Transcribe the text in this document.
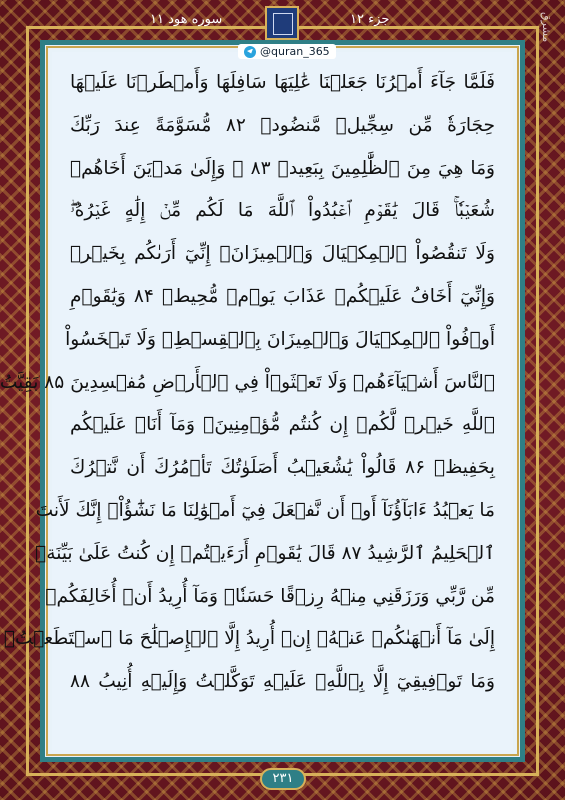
سوره هود ۱۱	جزء ۱۲
@quran_365
مشرق
فَلَمَّا جَآءَ أَمۡرُنَا جَعَلۡنَا عَٰلِيَهَا سَافِلَهَا وَأَمۡطَرۡنَا عَلَيۡهَا
حِجَارَةٗ مِّن سِجِّيلٖ مَّنضُودٖ ۸۲ مُّسَوَّمَةً عِندَ رَبِّكَ
وَمَا هِيَ مِنَ ٱلظَّٰلِمِينَ بِبَعِيدٖ ۸۳ ۞ وَإِلَىٰ مَدۡيَنَ أَخَاهُمۡ
شُعَيۡبٗاۚ قَالَ يَٰقَوۡمِ ٱعۡبُدُواْ ٱللَّهَ مَا لَكُم مِّنۡ إِلَٰهٍ غَيۡرُهُۥۖ
وَلَا تَنقُصُواْ ٱلۡمِكۡيَالَ وَٱلۡمِيزَانَۖ إِنِّيٓ أَرَىٰكُم بِخَيۡرٖ
وَإِنِّيٓ أَخَافُ عَلَيۡكُمۡ عَذَابَ يَوۡمٖ مُّحِيطٖ ۸۴ وَيَٰقَوۡمِ
أَوۡفُواْ ٱلۡمِكۡيَالَ وَٱلۡمِيزَانَ بِٱلۡقِسۡطِۖ وَلَا تَبۡخَسُواْ
ٱلنَّاسَ أَشۡيَآءَهُمۡ وَلَا تَعۡثَوۡاْ فِي ٱلۡأَرۡضِ مُفۡسِدِينَ ۸۵ بَقِيَّتُ
ٱللَّهِ خَيۡرٞ لَّكُمۡ إِن كُنتُم مُّؤۡمِنِينَۚ وَمَآ أَنَا۠ عَلَيۡكُم
بِحَفِيظٖ ۸۶ قَالُواْ يَٰشُعَيۡبُ أَصَلَوٰتُكَ تَأۡمُرُكَ أَن نَّتۡرُكَ
مَا يَعۡبُدُ ءَابَآؤُنَآ أَوۡ أَن نَّفۡعَلَ فِيٓ أَمۡوَٰلِنَا مَا نَشَٰٓؤُاْۖ إِنَّكَ لَأَنتَ
ٱلۡحَلِيمُ ٱلرَّشِيدُ ۸۷ قَالَ يَٰقَوۡمِ أَرَءَيۡتُمۡ إِن كُنتُ عَلَىٰ بَيِّنَةٖ
مِّن رَّبِّي وَرَزَقَنِي مِنۡهُ رِزۡقًا حَسَنٗاۚ وَمَآ أُرِيدُ أَنۡ أُخَالِفَكُمۡ
إِلَىٰ مَآ أَنۡهَىٰكُمۡ عَنۡهُۚ إِنۡ أُرِيدُ إِلَّا ٱلۡإِصۡلَٰحَ مَا ٱسۡتَطَعۡتُۚ
وَمَا تَوۡفِيقِيٓ إِلَّا بِٱللَّهِۚ عَلَيۡهِ تَوَكَّلۡتُ وَإِلَيۡهِ أُنِيبُ ۸۸
۲۳۱
